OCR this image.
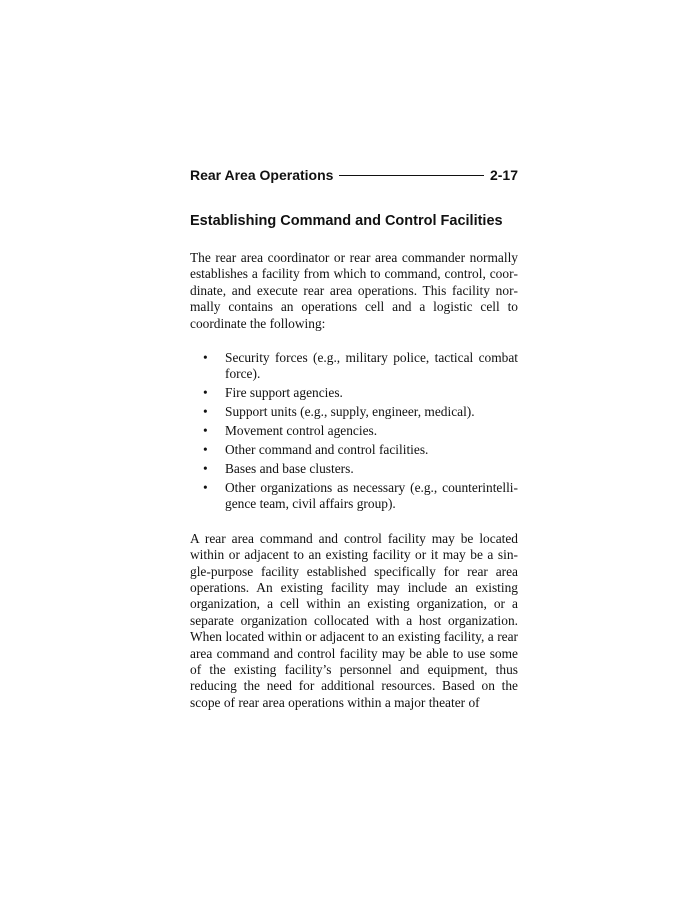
Rear Area Operations	2-17
Establishing Command and Control Facilities

The rear area coordinator or rear area commander normally establishes a facility from which to command, control, coordinate, and execute rear area operations. This facility normally contains an operations cell and a logistic cell to coordinate the following:

• Security forces (e.g., military police, tactical combat force).
• Fire support agencies.
• Support units (e.g., supply, engineer, medical).
• Movement control agencies.
• Other command and control facilities.
• Bases and base clusters.
• Other organizations as necessary (e.g., counterintelligence team, civil affairs group).

A rear area command and control facility may be located within or adjacent to an existing facility or it may be a single-purpose facility established specifically for rear area operations. An existing facility may include an existing organization, a cell within an existing organization, or a separate organization collocated with a host organization. When located within or adjacent to an existing facility, a rear area command and control facility may be able to use some of the existing facility’s personnel and equipment, thus reducing the need for additional resources. Based on the scope of rear area operations within a major theater of
